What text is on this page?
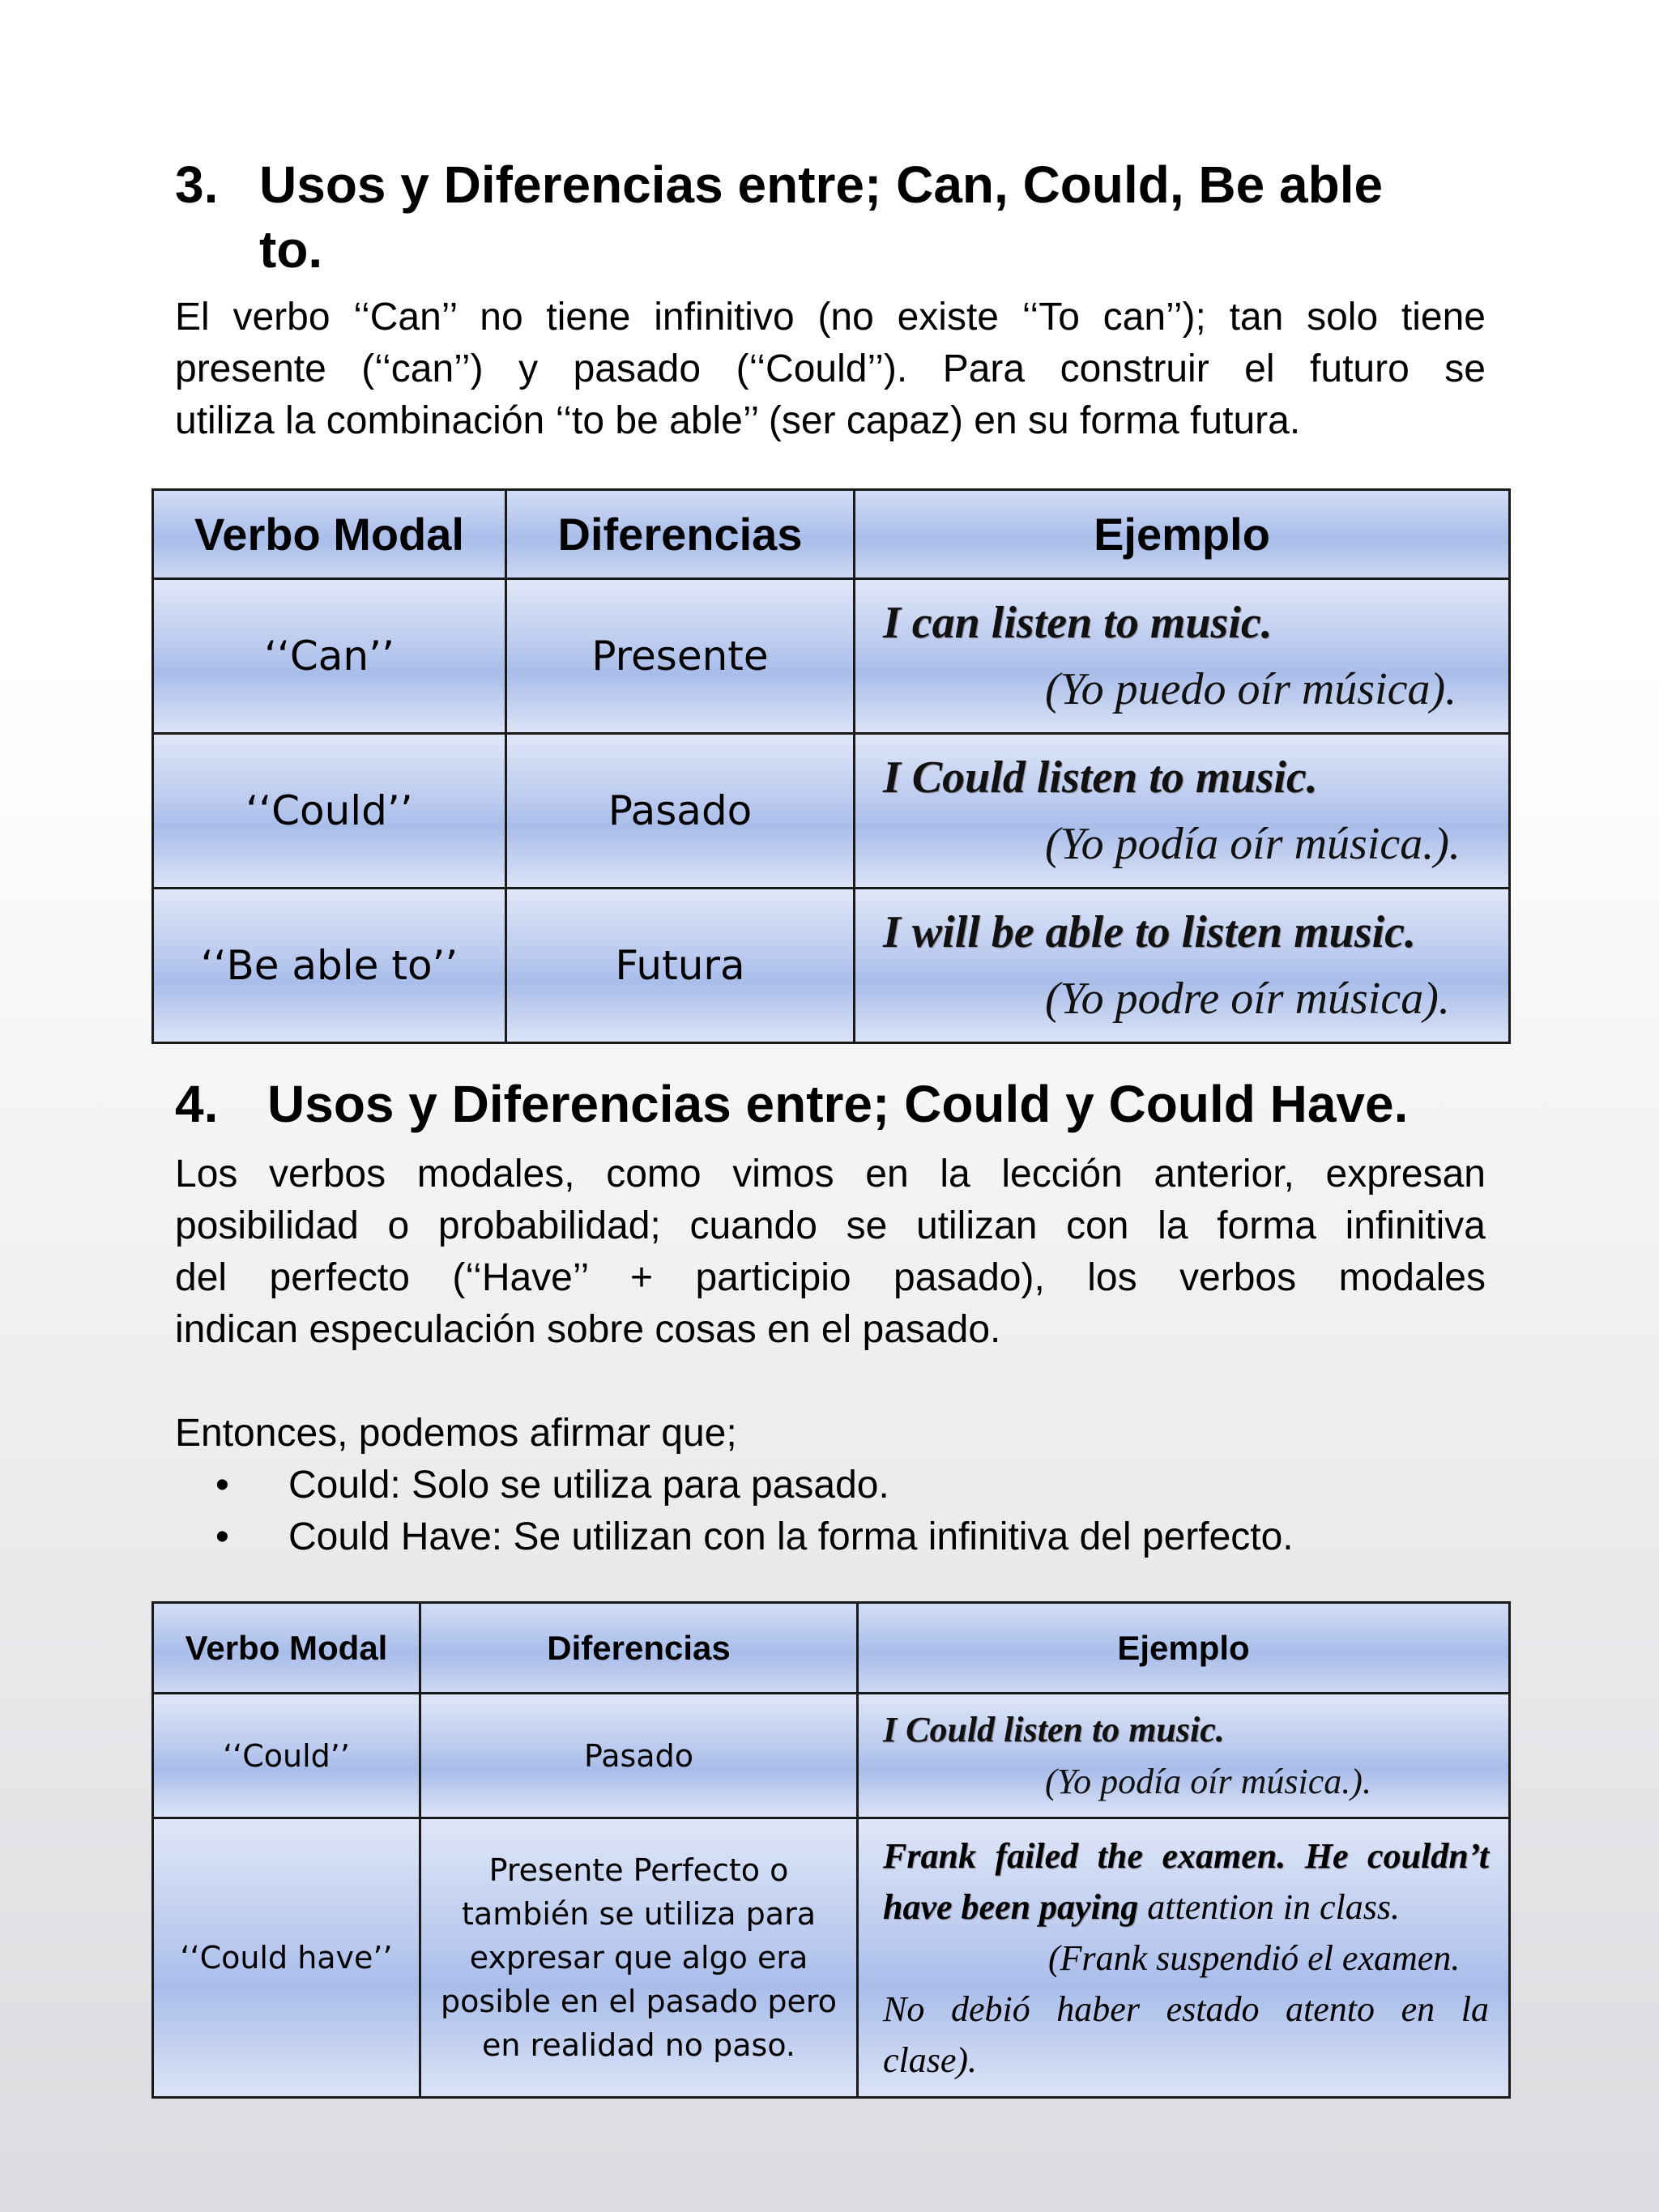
3. Usos y Diferencias entre; Can, Could, Be able
to.
El verbo ‘‘Can’’ no tiene infinitivo (no existe ‘‘To can’’); tan solo tiene
presente (‘‘can’’) y pasado (‘‘Could’’). Para construir el futuro se
utiliza la combinación ‘‘to be able’’ (ser capaz) en su forma futura.
Verbo Modal	Diferencias	Ejemplo
‘‘Can’’	Presente	I can listen to music.
(Yo puedo oír música).

‘‘Could’’	Pasado	I Could listen to music.
(Yo podía oír música.).

‘‘Be able to’’	Futura	I will be able to listen music.
(Yo podre oír música).
4. Usos y Diferencias entre; Could y Could Have.
Los verbos modales, como vimos en la lección anterior, expresan
posibilidad o probabilidad; cuando se utilizan con la forma infinitiva
del perfecto (‘‘Have’’ + participio pasado), los verbos modales
indican especulación sobre cosas en el pasado.
Entonces, podemos afirmar que;
• Could: Solo se utiliza para pasado.
• Could Have: Se utilizan con la forma infinitiva del perfecto.
Verbo Modal	Diferencias	Ejemplo
‘‘Could’’	Pasado	I Could listen to music.
(Yo podía oír música.).

‘‘Could have’’	Presente Perfecto o
también se utiliza para
expresar que algo era
posible en el pasado pero
en realidad no paso.	Frank failed the examen. He couldn’t
have been paying attention in class.
(Frank suspendió el examen.
No debió haber estado atento en la
clase).
